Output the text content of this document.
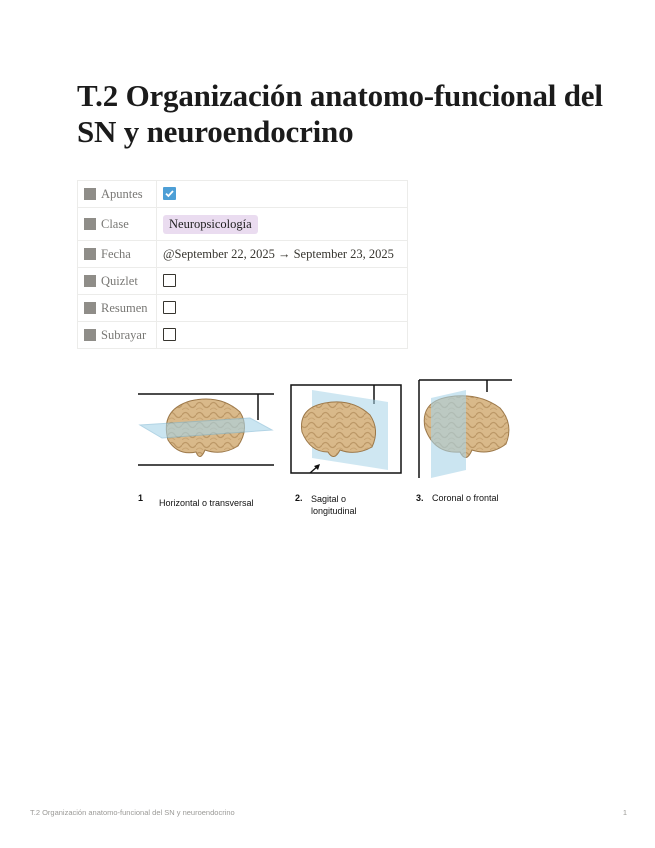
T.2 Organización anatomo-funcional del SN y neuroendocrino
Apuntes	

Clase	Neuropsicología
Fecha	@September 22, 2025 → September 23, 2025
Quizlet	
Resumen	
Subrayar	
1	Horizontal o transversal	2. Sagital o longitudinal
3. Coronal o frontal
T.2 Organización anatomo-funcional del SN y neuroendocrino	1
